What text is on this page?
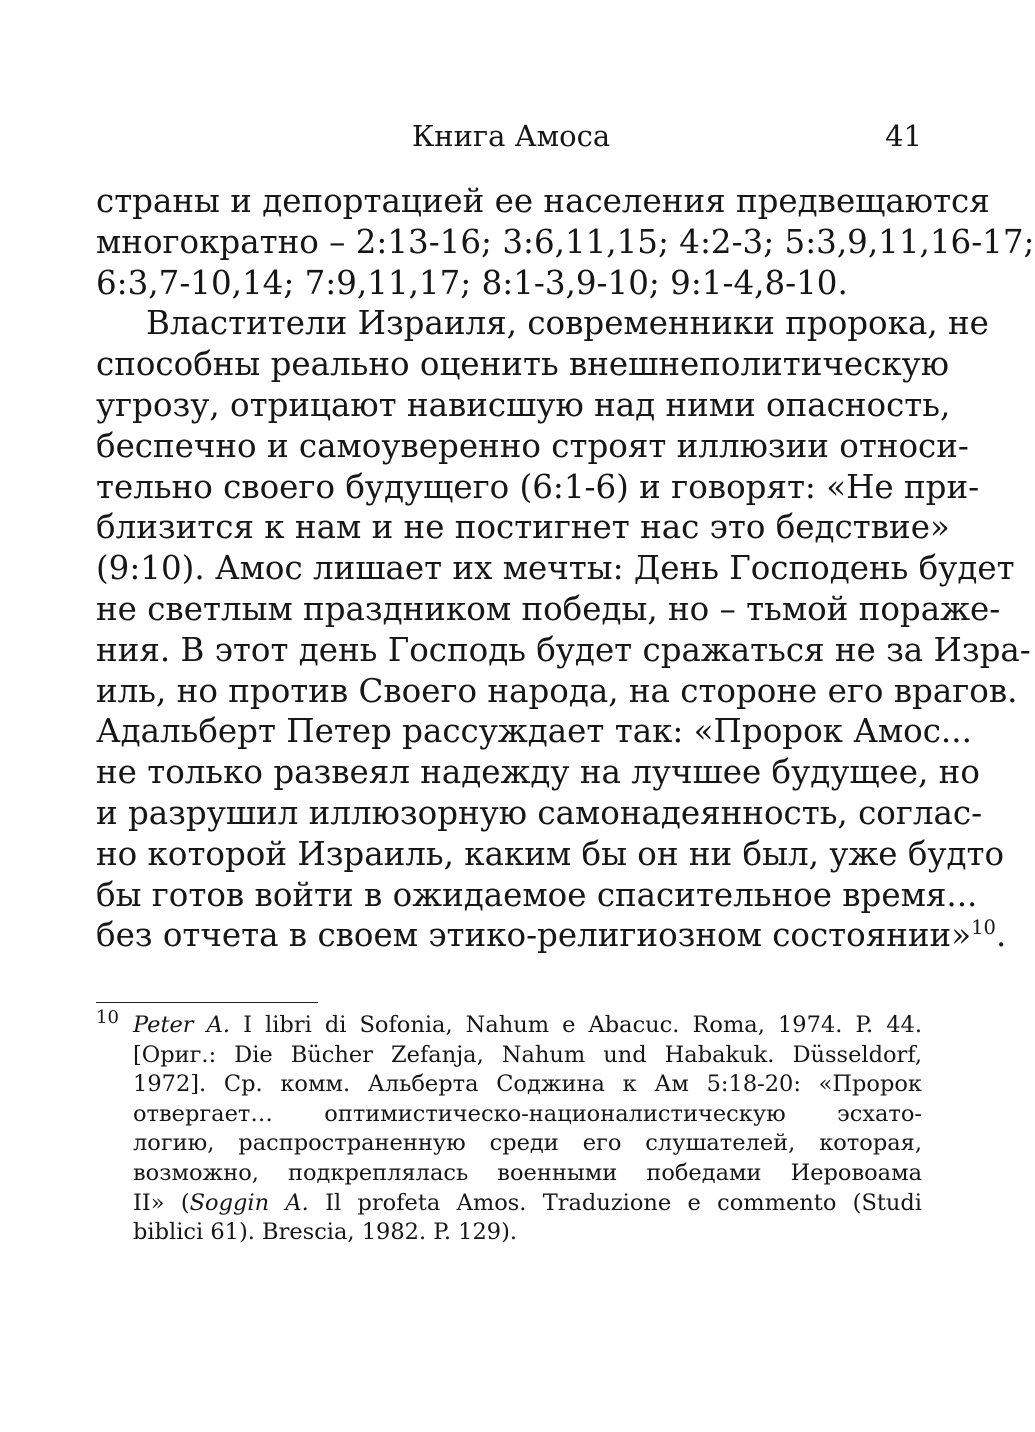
Книга Амоса	41
страны и депортацией ее населения предвещаются
многократно – 2:13-16; 3:6,11,15; 4:2-3; 5:3,9,11,16-17;
6:3,7-10,14; 7:9,11,17; 8:1-3,9-10; 9:1-4,8-10.
Властители Израиля, современники пророка, не
способны реально оценить внешнеполитическую
угрозу, отрицают нависшую над ними опасность,
беспечно и самоуверенно строят иллюзии относи-
тельно своего будущего (6:1-6) и говорят: «Не при-
близится к нам и не постигнет нас это бедствие»
(9:10). Амос лишает их мечты: День Господень будет
не светлым праздником победы, но – тьмой пораже-
ния. В этот день Господь будет сражаться не за Изра-
иль, но против Своего народа, на стороне его врагов.
Адальберт Петер рассуждает так: «Пророк Амос...
не только развеял надежду на лучшее будущее, но
и разрушил иллюзорную самонадеянность, соглас-
но которой Израиль, каким бы он ни был, уже будто
бы готов войти в ожидаемое спасительное время...
без отчета в своем этико-религиозном состоянии»$^{10}$.
10 Peter A. I libri di Sofonia, Nahum e Abacuc. Roma, 1974. P. 44.
[Ориг.: Die Bücher Zefanja, Nahum und Habakuk. Düsseldorf,
1972]. Ср. комм. Альберта Соджина к Ам 5:18-20: «Пророк
отвергает… оптимистическо-националистическую эсхато-
логию, распространенную среди его слушателей, которая,
возможно, подкреплялась военными победами Иеровоама
II» (Soggin A. Il profeta Amos. Traduzione e commento (Studi
biblici 61). Brescia, 1982. P. 129).
